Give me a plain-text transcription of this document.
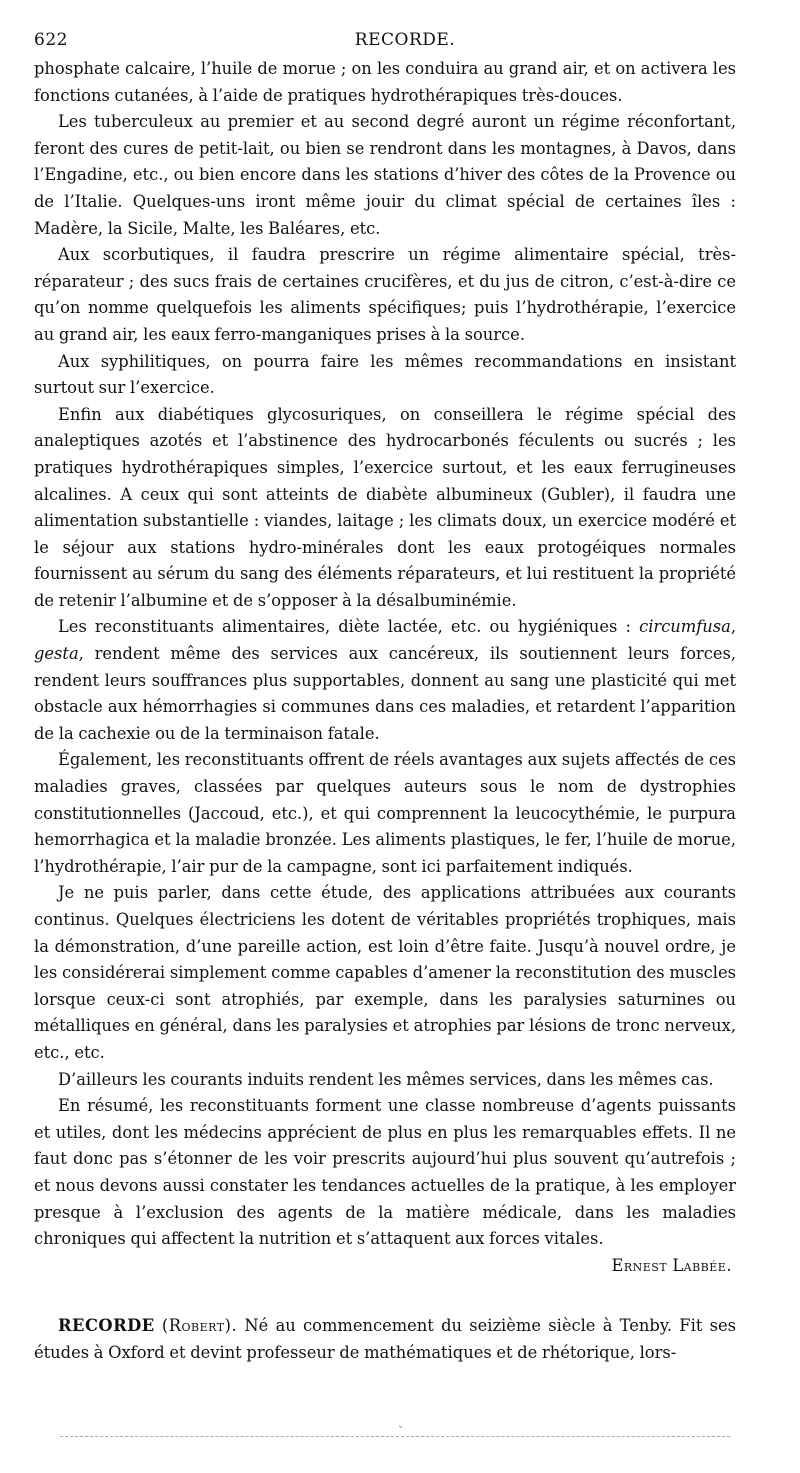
622	RECORDE.

phosphate calcaire, l’huile de morue ; on les conduira au grand air, et on activera les fonctions cutanées, à l’aide de pratiques hydrothérapiques très-douces.

Les tuberculeux au premier et au second degré auront un régime réconfortant, feront des cures de petit-lait, ou bien se rendront dans les montagnes, à Davos, dans l’Engadine, etc., ou bien encore dans les stations d’hiver des côtes de la Provence ou de l’Italie. Quelques-uns iront même jouir du climat spécial de certaines îles : Madère, la Sicile, Malte, les Baléares, etc.

Aux scorbutiques, il faudra prescrire un régime alimentaire spécial, très-réparateur ; des sucs frais de certaines crucifères, et du jus de citron, c’est-à-dire ce qu’on nomme quelquefois les aliments spécifiques; puis l’hydrothérapie, l’exercice au grand air, les eaux ferro-manganiques prises à la source.

Aux syphilitiques, on pourra faire les mêmes recommandations en insistant surtout sur l’exercice.

Enfin aux diabétiques glycosuriques, on conseillera le régime spécial des analeptiques azotés et l’abstinence des hydrocarbonés féculents ou sucrés ; les pratiques hydrothérapiques simples, l’exercice surtout, et les eaux ferrugineuses alcalines. A ceux qui sont atteints de diabète albumineux (Gubler), il faudra une alimentation substantielle : viandes, laitage ; les climats doux, un exercice modéré et le séjour aux stations hydro-minérales dont les eaux protogéiques normales fournissent au sérum du sang des éléments réparateurs, et lui restituent la propriété de retenir l’albumine et de s’opposer à la désalbuminémie.

Les reconstituants alimentaires, diète lactée, etc. ou hygiéniques : circumfusa, gesta, rendent même des services aux cancéreux, ils soutiennent leurs forces, rendent leurs souffrances plus supportables, donnent au sang une plasticité qui met obstacle aux hémorrhagies si communes dans ces maladies, et retardent l’apparition de la cachexie ou de la terminaison fatale.

Également, les reconstituants offrent de réels avantages aux sujets affectés de ces maladies graves, classées par quelques auteurs sous le nom de dystrophies constitutionnelles (Jaccoud, etc.), et qui comprennent la leucocythémie, le purpura hemorrhagica et la maladie bronzée. Les aliments plastiques, le fer, l’huile de morue, l’hydrothérapie, l’air pur de la campagne, sont ici parfaitement indiqués.

Je ne puis parler, dans cette étude, des applications attribuées aux courants continus. Quelques électriciens les dotent de véritables propriétés trophiques, mais la démonstration, d’une pareille action, est loin d’être faite. Jusqu’à nouvel ordre, je les considérerai simplement comme capables d’amener la reconstitution des muscles lorsque ceux-ci sont atrophiés, par exemple, dans les paralysies saturnines ou métalliques en général, dans les paralysies et atrophies par lésions de tronc nerveux, etc., etc.

D’ailleurs les courants induits rendent les mêmes services, dans les mêmes cas.

En résumé, les reconstituants forment une classe nombreuse d’agents puissants et utiles, dont les médecins apprécient de plus en plus les remarquables effets. Il ne faut donc pas s’étonner de les voir prescrits aujourd’hui plus souvent qu’autrefois ; et nous devons aussi constater les tendances actuelles de la pratique, à les employer presque à l’exclusion des agents de la matière médicale, dans les maladies chroniques qui affectent la nutrition et s’attaquent aux forces vitales.

Ernest Labbée.

RECORDE (Robert). Né au commencement du seizième siècle à Tenby. Fit ses études à Oxford et devint professeur de mathématiques et de rhétorique, lors-

˅
